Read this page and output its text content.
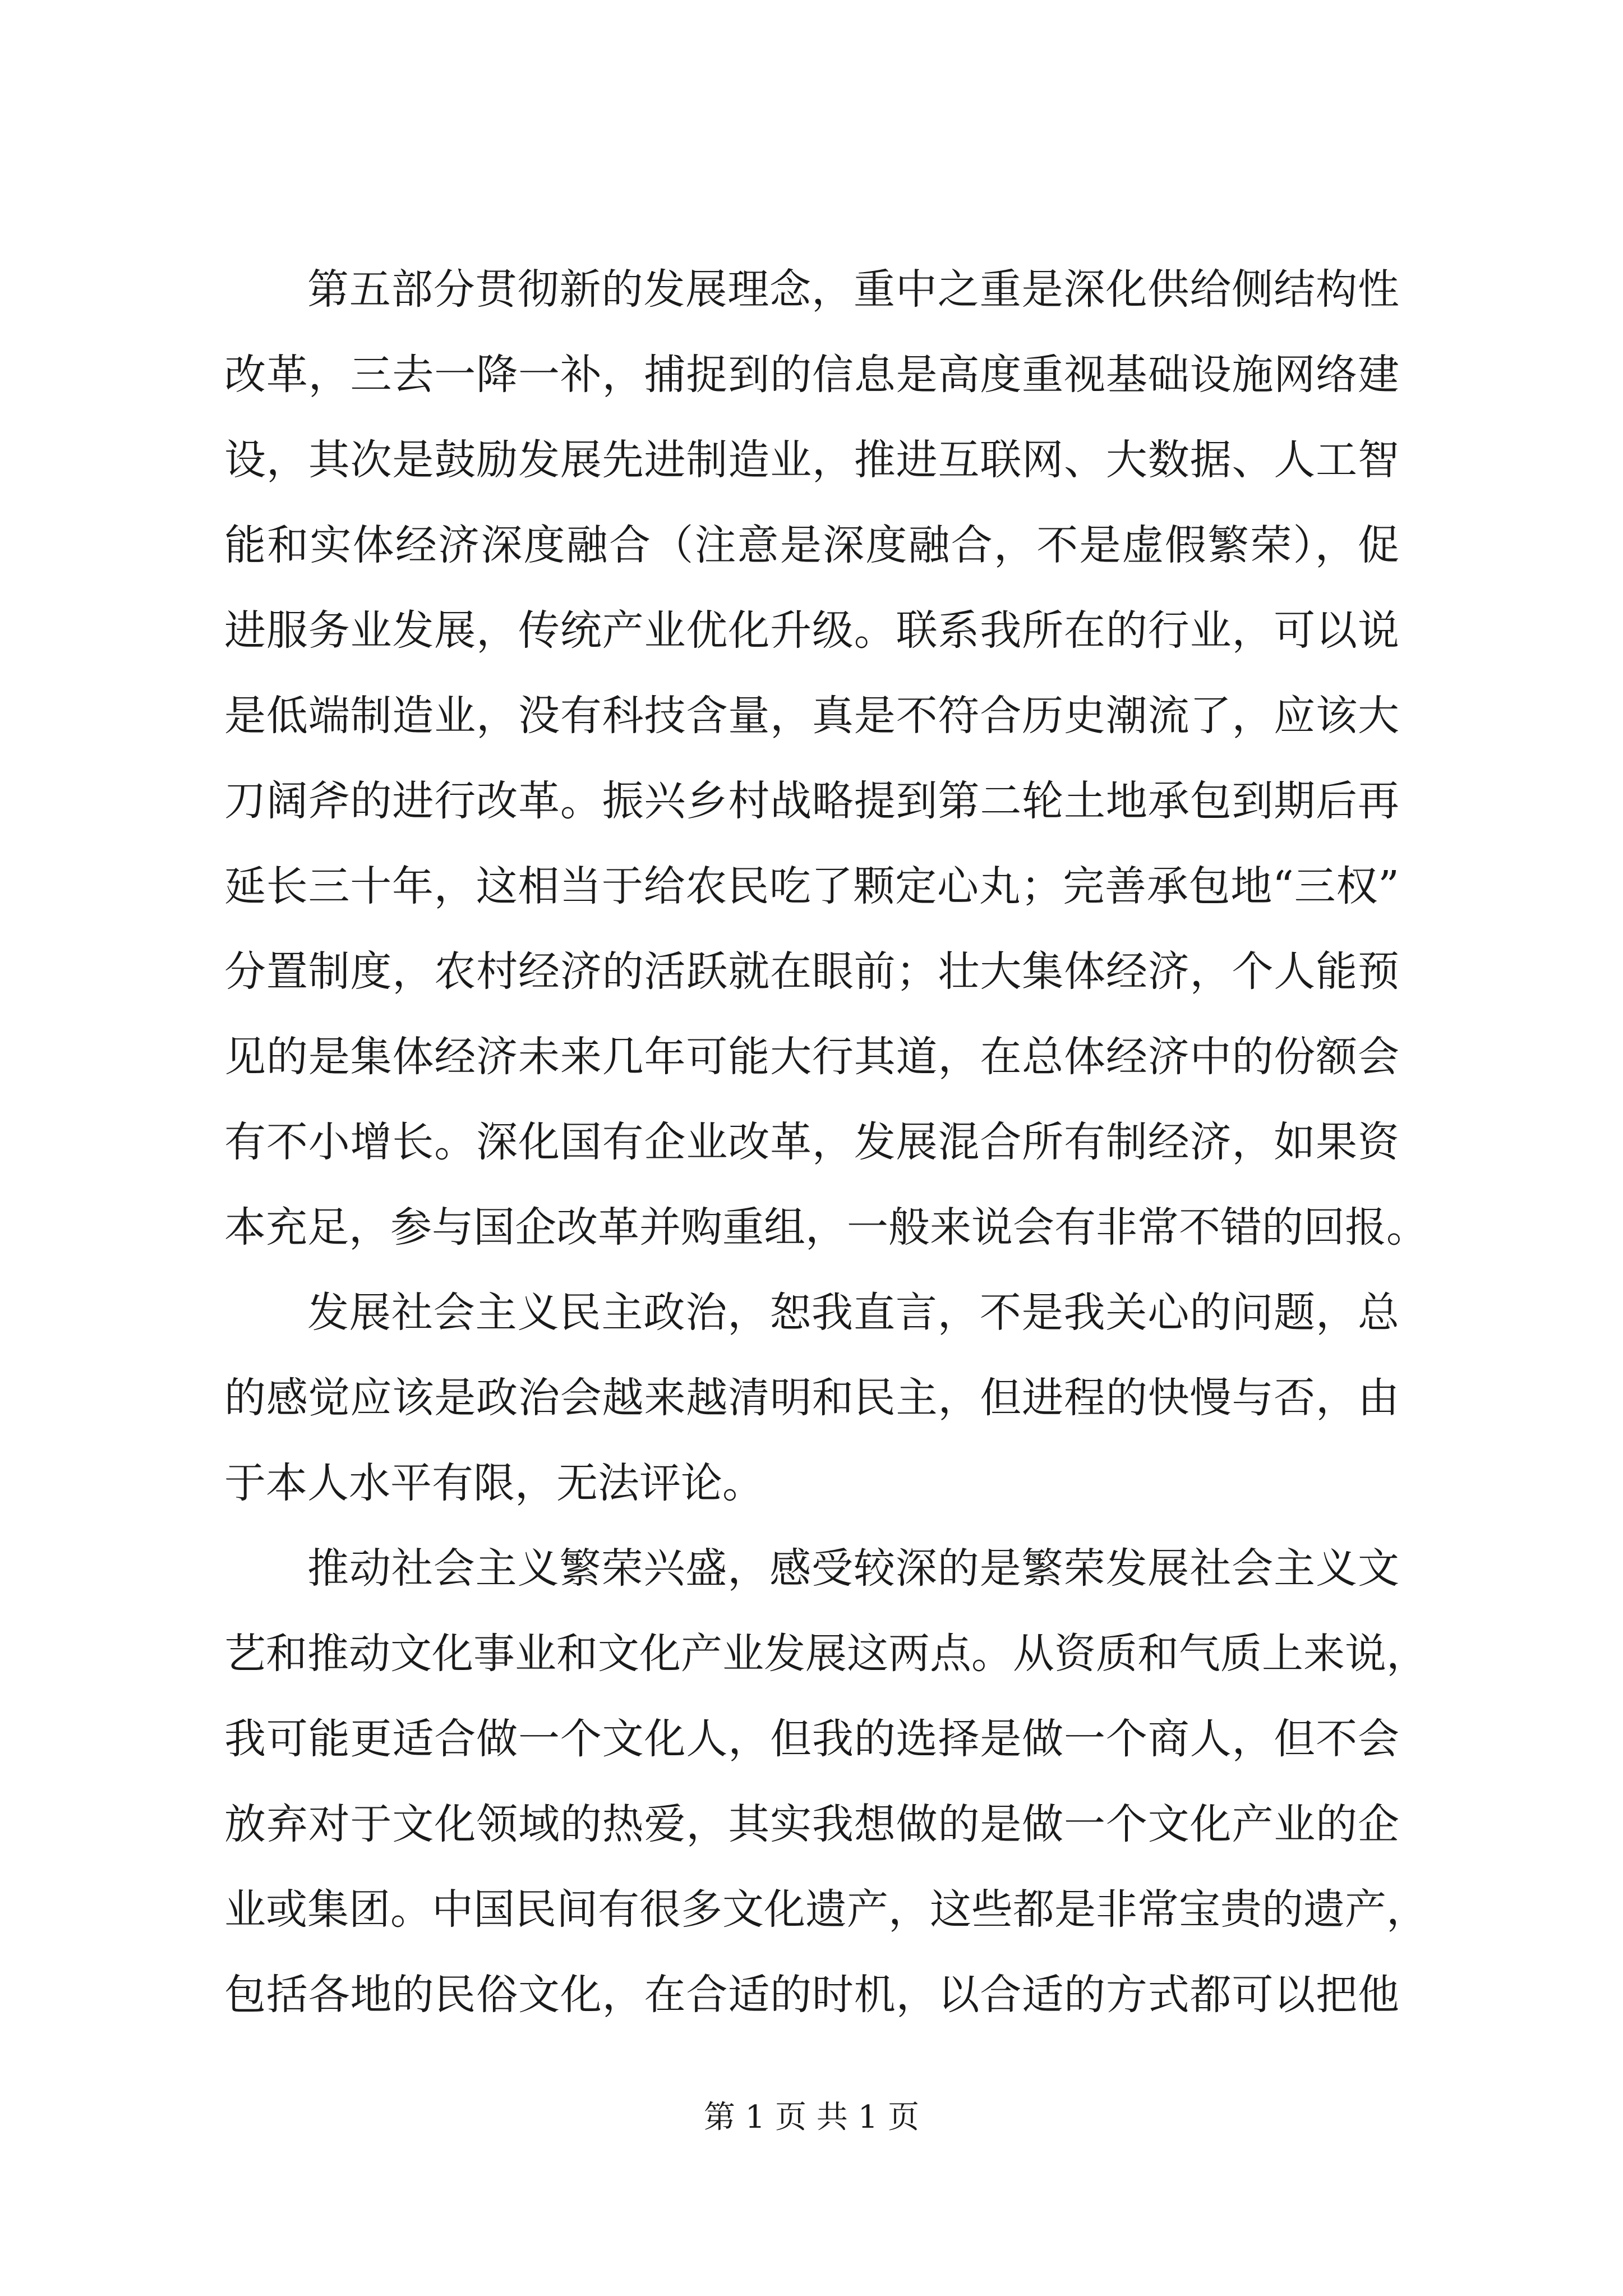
第五部分贯彻新的发展理念，重中之重是深化供给侧结构性
改革，三去一降一补，捕捉到的信息是高度重视基础设施网络建
设，其次是鼓励发展先进制造业，推进互联网、大数据、人工智
能和实体经济深度融合（注意是深度融合，不是虚假繁荣），促
进服务业发展，传统产业优化升级。联系我所在的行业，可以说
是低端制造业，没有科技含量，真是不符合历史潮流了，应该大
刀阔斧的进行改革。振兴乡村战略提到第二轮土地承包到期后再
延长三十年，这相当于给农民吃了颗定心丸；完善承包地“三权”
分置制度，农村经济的活跃就在眼前；壮大集体经济，个人能预
见的是集体经济未来几年可能大行其道，在总体经济中的份额会
有不小增长。深化国有企业改革，发展混合所有制经济，如果资
本充足，参与国企改革并购重组，一般来说会有非常不错的回报。
发展社会主义民主政治，恕我直言，不是我关心的问题，总
的感觉应该是政治会越来越清明和民主，但进程的快慢与否，由
于本人水平有限，无法评论。
推动社会主义繁荣兴盛，感受较深的是繁荣发展社会主义文
艺和推动文化事业和文化产业发展这两点。从资质和气质上来说，
我可能更适合做一个文化人，但我的选择是做一个商人，但不会
放弃对于文化领域的热爱，其实我想做的是做一个文化产业的企
业或集团。中国民间有很多文化遗产，这些都是非常宝贵的遗产，
包括各地的民俗文化，在合适的时机，以合适的方式都可以把他
第 1 页 共 1 页
